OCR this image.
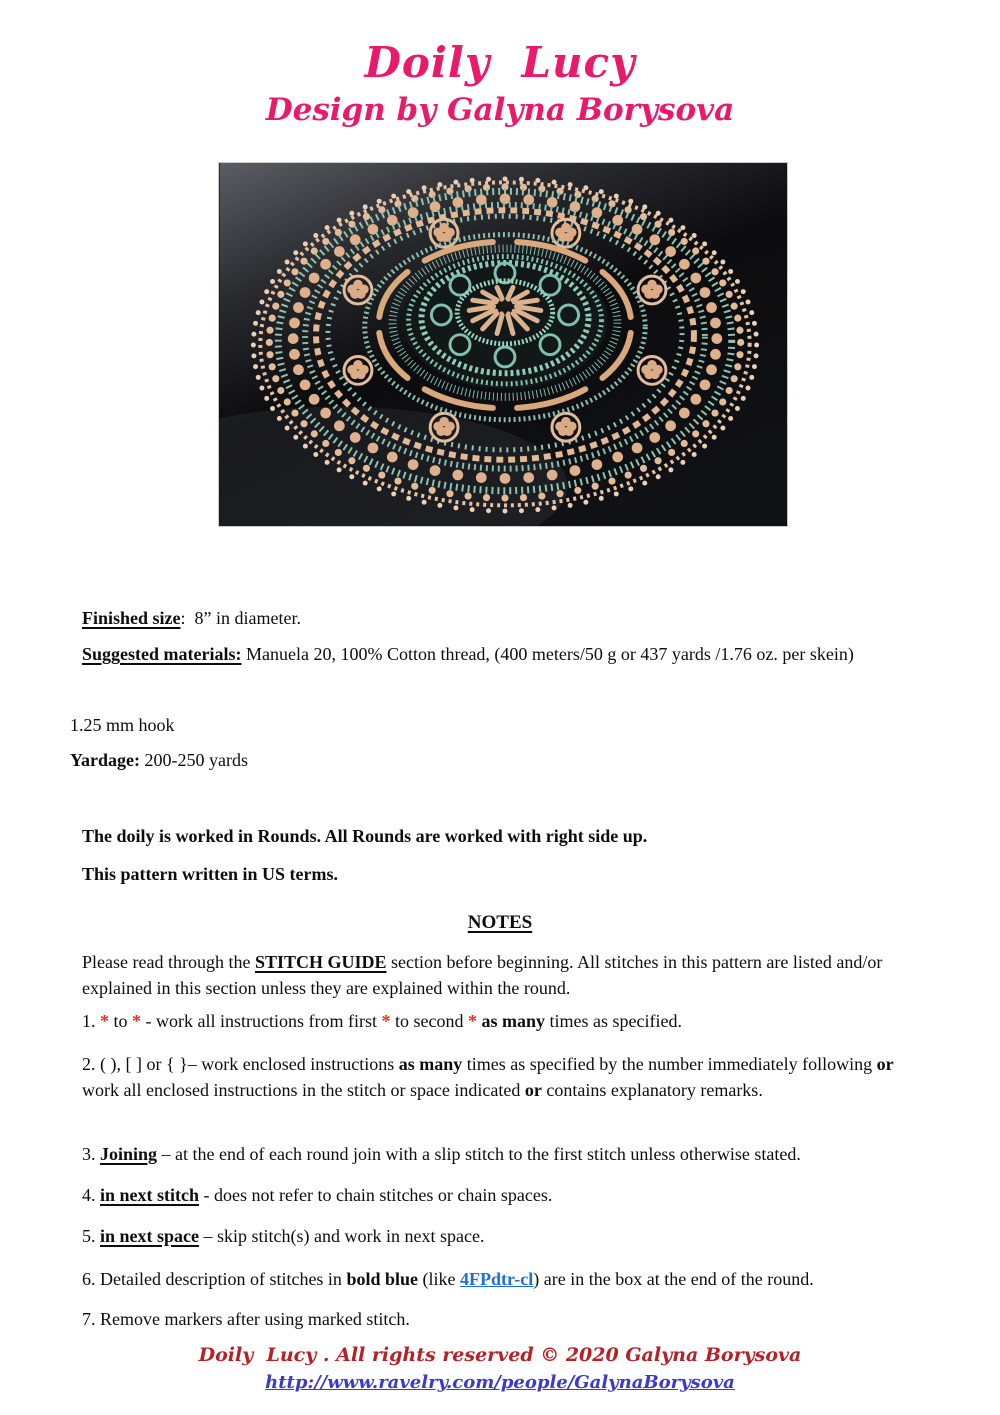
Doily  Lucy
Design by Galyna Borysova

Finished size:  8” in diameter.

Suggested materials: Manuela 20, 100% Cotton thread, (400 meters/50 g or 437 yards /1.76 oz. per skein)

1.25 mm hook

Yardage: 200-250 yards

The doily is worked in Rounds. All Rounds are worked with right side up.

This pattern written in US terms.

NOTES

Please read through the STITCH GUIDE section before beginning. All stitches in this pattern are listed and/or explained in this section unless they are explained within the round.

1. * to * - work all instructions from first * to second * as many times as specified.

2. ( ), [ ] or { }– work enclosed instructions as many times as specified by the number immediately following or work all enclosed instructions in the stitch or space indicated or contains explanatory remarks.

3. Joining – at the end of each round join with a slip stitch to the first stitch unless otherwise stated.

4. in next stitch - does not refer to chain stitches or chain spaces.

5. in next space – skip stitch(s) and work in next space.

6. Detailed description of stitches in bold blue (like 4FPdtr-cl) are in the box at the end of the round.

7. Remove markers after using marked stitch.

Doily  Lucy . All rights reserved © 2020 Galyna Borysova
http://www.ravelry.com/people/GalynaBorysova
